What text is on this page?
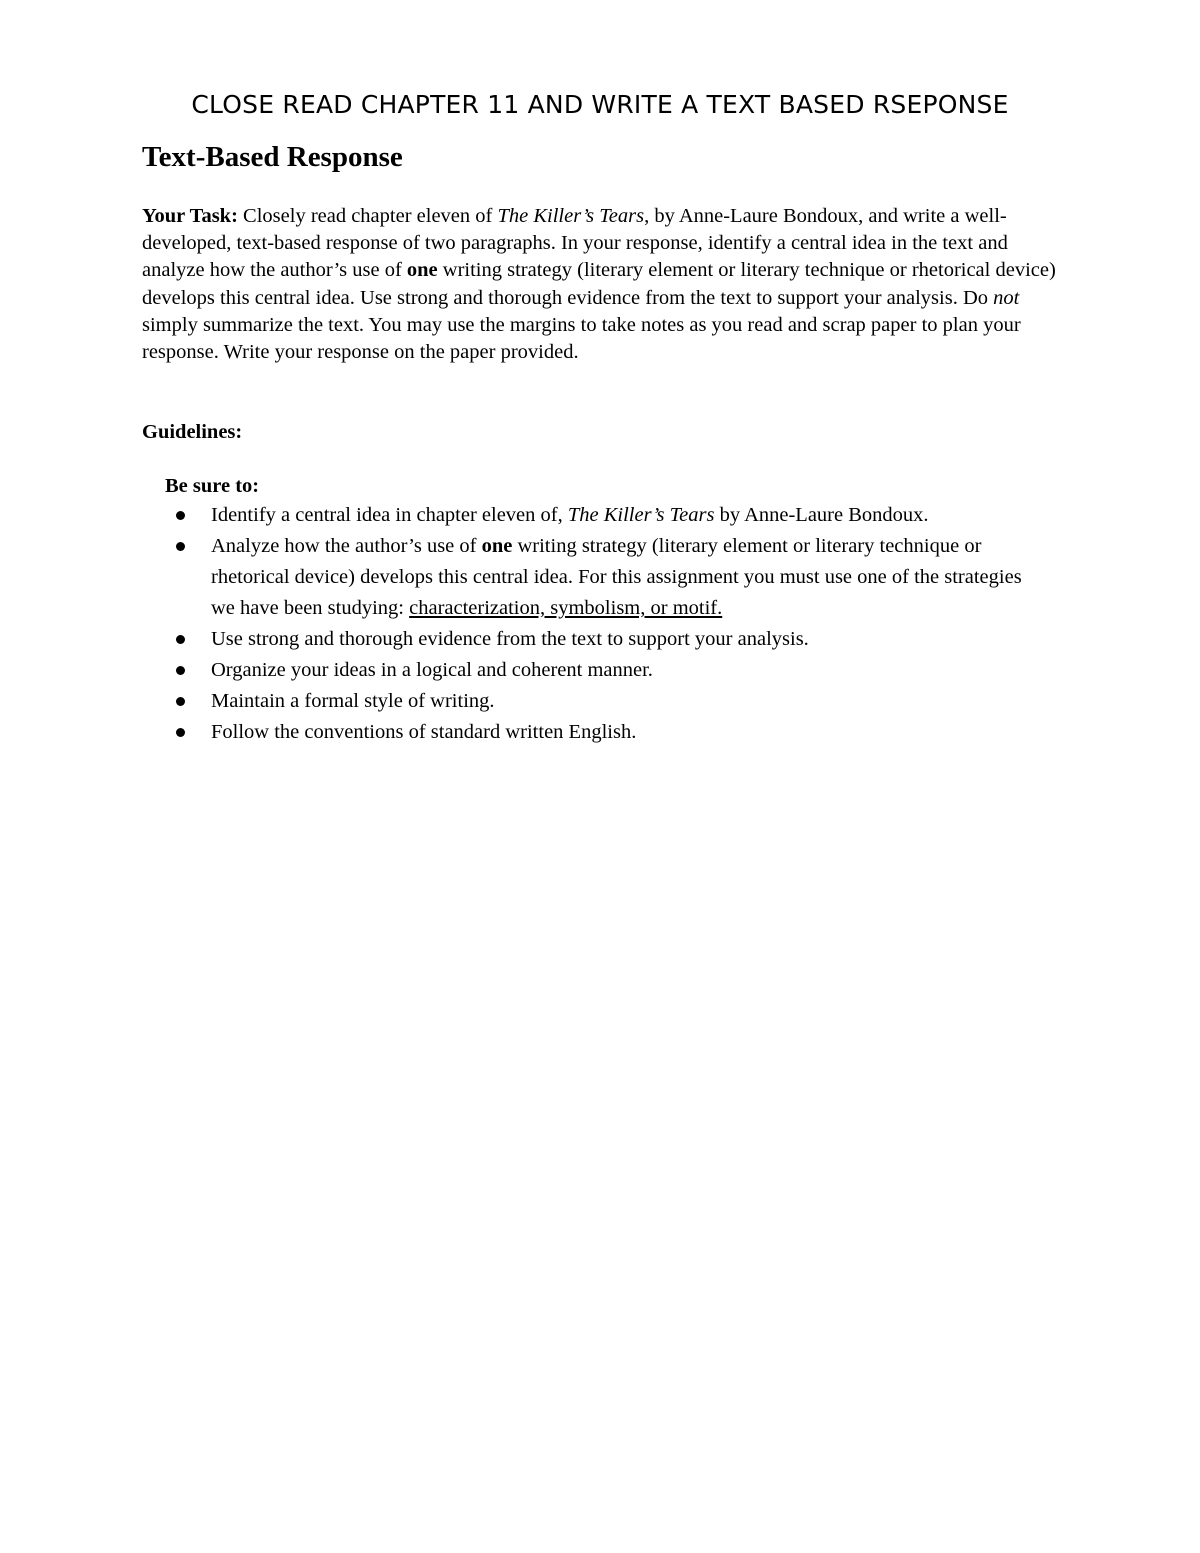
CLOSE READ CHAPTER 11 AND WRITE A TEXT BASED RSEPONSE
Text-Based Response

Your Task: Closely read chapter eleven of The Killer’s Tears, by Anne-Laure Bondoux, and write a well-developed, text-based response of two paragraphs. In your response, identify a central idea in the text and analyze how the author’s use of one writing strategy (literary element or literary technique or rhetorical device) develops this central idea. Use strong and thorough evidence from the text to support your analysis. Do not simply summarize the text. You may use the margins to take notes as you read and scrap paper to plan your response. Write your response on the paper provided.

Guidelines:
Be sure to:
Identify a central idea in chapter eleven of, The Killer’s Tears by Anne-Laure Bondoux.
Analyze how the author’s use of one writing strategy (literary element or literary technique or rhetorical device) develops this central idea. For this assignment you must use one of the strategies we have been studying: characterization, symbolism, or motif.
Use strong and thorough evidence from the text to support your analysis.
Organize your ideas in a logical and coherent manner.
Maintain a formal style of writing.
Follow the conventions of standard written English.
